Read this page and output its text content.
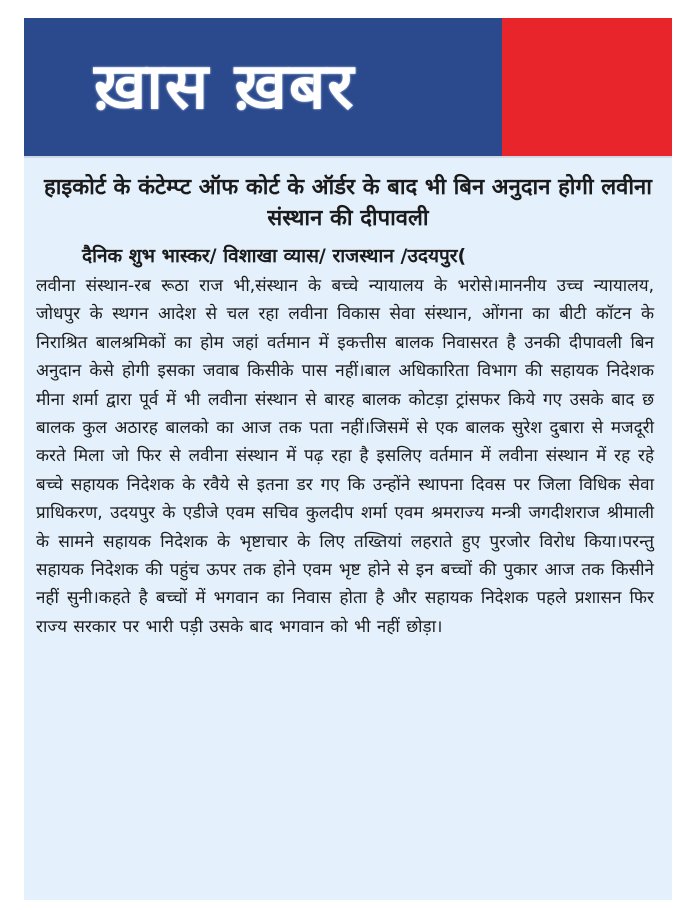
ख़ास ख़बर
हाइकोर्ट के कंटेम्प्ट ऑफ कोर्ट के ऑर्डर के बाद भी बिन अनुदान होगी लवीना संस्थान की दीपावली
दैनिक शुभ भास्कर/ विशाखा व्यास/ राजस्थान /उदयपुर(
लवीना संस्थान-रब रूठा राज भी,संस्थान के बच्चे न्यायालय के भरोसे।माननीय उच्च न्यायालय, जोधपुर के स्थगन आदेश से चल रहा लवीना विकास सेवा संस्थान, ओंगना का बीटी कॉटन के निराश्रित बालश्रमिकों का होम जहां वर्तमान में इकत्तीस बालक निवासरत है उनकी दीपावली बिन अनुदान केसे होगी इसका जवाब किसीके पास नहीं।बाल अधिकारिता विभाग की सहायक निदेशक मीना शर्मा द्वारा पूर्व में भी लवीना संस्थान से बारह बालक कोटड़ा ट्रांसफर किये गए उसके बाद छ बालक कुल अठारह बालको का आज तक पता नहीं।जिसमें से एक बालक सुरेश दुबारा से मजदूरी करते मिला जो फिर से लवीना संस्थान में पढ़ रहा है इसलिए वर्तमान में लवीना संस्थान में रह रहे बच्चे सहायक निदेशक के रवैये से इतना डर गए कि उन्होंने स्थापना दिवस पर जिला विधिक सेवा प्राधिकरण, उदयपुर के एडीजे एवम सचिव कुलदीप शर्मा एवम श्रमराज्य मन्त्री जगदीशराज श्रीमाली के सामने सहायक निदेशक के भृष्टाचार के लिए तख्तियां लहराते हुए पुरजोर विरोध किया।परन्तु सहायक निदेशक की पहुंच ऊपर तक होने एवम भृष्ट होने से इन बच्चों की पुकार आज तक किसीने नहीं सुनी।कहते है बच्चों में भगवान का निवास होता है और सहायक निदेशक पहले प्रशासन फिर राज्य सरकार पर भारी पड़ी उसके बाद भगवान को भी नहीं छोड़ा।
